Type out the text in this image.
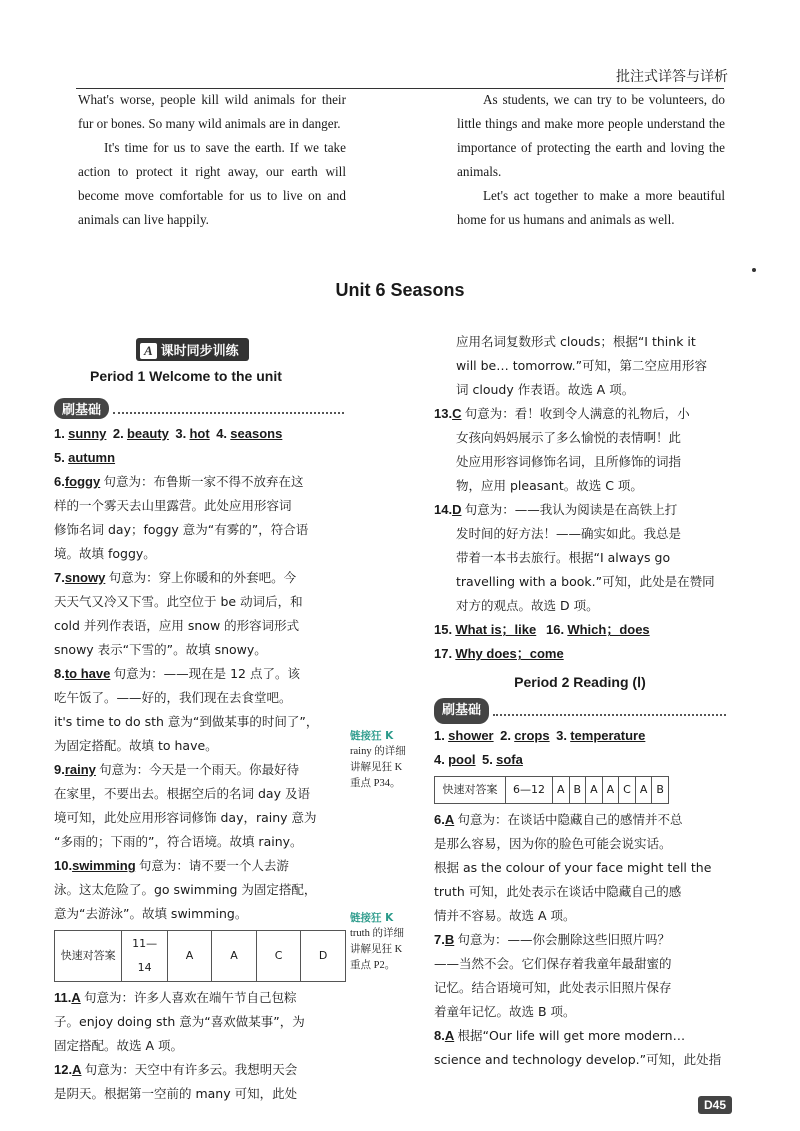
批注式详答与详析

What's worse, people kill wild animals for their fur or bones. So many wild animals are in danger.

It's time for us to save the earth. If we take action to protect it right away, our earth will become move comfortable for us to live on and animals can live happily.

As students, we can try to be volunteers, do little things and make more people understand the importance of protecting the earth and loving the animals.

Let's act together to make a more beautiful home for us humans and animals as well.

Unit 6 Seasons
A 课时同步训练
Period 1 Welcome to the unit
刷基础
1. sunny 2. beauty 3. hot 4. seasons
5. autumn
6.foggy 句意为：布鲁斯一家不得不放弃在这
样的一个雾天去山里露营。此处应用形容词
修饰名词 day；foggy 意为“有雾的”，符合语
境。故填 foggy。
7.snowy 句意为：穿上你暖和的外套吧。今
天天气又冷又下雪。此空位于 be 动词后，和
cold 并列作表语，应用 snow 的形容词形式
snowy 表示“下雪的”。故填 snowy。
8.to have 句意为：——现在是 12 点了。该
吃午饭了。——好的，我们现在去食堂吧。
it's time to do sth 意为“到做某事的时间了”，
为固定搭配。故填 to have。
9.rainy 句意为：今天是一个雨天。你最好待
在家里，不要出去。根据空后的名词 day 及语
境可知，此处应用形容词修饰 day，rainy 意为
“多雨的；下雨的”，符合语境。故填 rainy。
10.swimming 句意为：请不要一个人去游
泳。这太危险了。go swimming 为固定搭配，
意为“去游泳”。故填 swimming。
快速对答案	11—14	A	A	C	D
11.A 句意为：许多人喜欢在端午节自己包粽
子。enjoy doing sth 意为“喜欢做某事”，为
固定搭配。故选 A 项。
12.A 句意为：天空中有许多云。我想明天会
是阴天。根据第一空前的 many 可知，此处
链接狂 K
rainy 的详细
讲解见狂 K
重点 P34。
链接狂 K
truth 的详细
讲解见狂 K
重点 P2。
应用名词复数形式 clouds；根据“I think it
will be… tomorrow.”可知，第二空应用形容
词 cloudy 作表语。故选 A 项。
13.C 句意为：看！收到令人满意的礼物后，小
女孩向妈妈展示了多么愉悦的表情啊！此
处应用形容词修饰名词，且所修饰的词指
物，应用 pleasant。故选 C 项。
14.D 句意为：——我认为阅读是在高铁上打
发时间的好方法！——确实如此。我总是
带着一本书去旅行。根据“I always go
travelling with a book.”可知，此处是在赞同
对方的观点。故选 D 项。
15. What is；like 16. Which；does
17. Why does；come
Period 2 Reading (Ⅰ)
刷基础
1. shower 2. crops 3. temperature
4. pool 5. sofa
快速对答案	6—12	A	B	A	A	C	A	B
6.A 句意为：在谈话中隐藏自己的感情并不总
是那么容易，因为你的脸色可能会说实话。
根据 as the colour of your face might tell the
truth 可知，此处表示在谈话中隐藏自己的感
情并不容易。故选 A 项。
7.B 句意为：——你会删除这些旧照片吗？
——当然不会。它们保存着我童年最甜蜜的
记忆。结合语境可知，此处表示旧照片保存
着童年记忆。故选 B 项。
8.A 根据“Our life will get more modern…
science and technology develop.”可知，此处指
D45
